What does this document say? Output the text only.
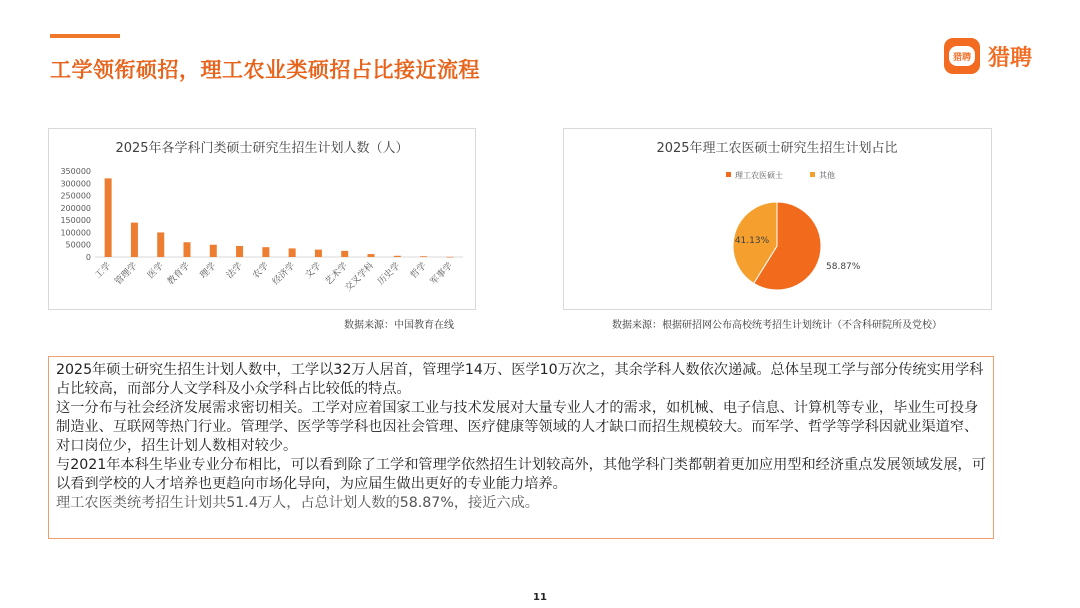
工学领衔硕招，理工农业类硕招占比接近流程
猎聘 猎聘
2025年各学科门类硕士研究生招生计划人数（人）
0
50000
100000
150000
200000
250000
300000
350000
工学 管理学 医学 教育学 理学 法学 农学 经济学 文学 艺术学
交叉学科 历史学 哲学 军事学
数据来源：中国教育在线
2025年理工农医硕士研究生招生计划占比
理工农医硕士	其他
58.87%
41.13%
数据来源：根据研招网公布高校统考招生计划统计（不含科研院所及党校）

2025年硕士研究生招生计划人数中，工学以32万人居首，管理学14万、医学10万次之，其余学科人数依次递减。总体呈现工学与部分传统实用学科占比较高，而部分人文学科及小众学科占比较低的特点。

这一分布与社会经济发展需求密切相关。工学对应着国家工业与技术发展对大量专业人才的需求，如机械、电子信息、计算机等专业，毕业生可投身制造业、互联网等热门行业。管理学、医学等学科也因社会管理、医疗健康等领域的人才缺口而招生规模较大。而军学、哲学等学科因就业渠道窄、对口岗位少，招生计划人数相对较少。

与2021年本科生毕业专业分布相比，可以看到除了工学和管理学依然招生计划较高外，其他学科门类都朝着更加应用型和经济重点发展领域发展，可以看到学校的人才培养也更趋向市场化导向，为应届生做出更好的专业能力培养。

理工农医类统考招生计划共51.4万人，占总计划人数的58.87%，接近六成。

11
